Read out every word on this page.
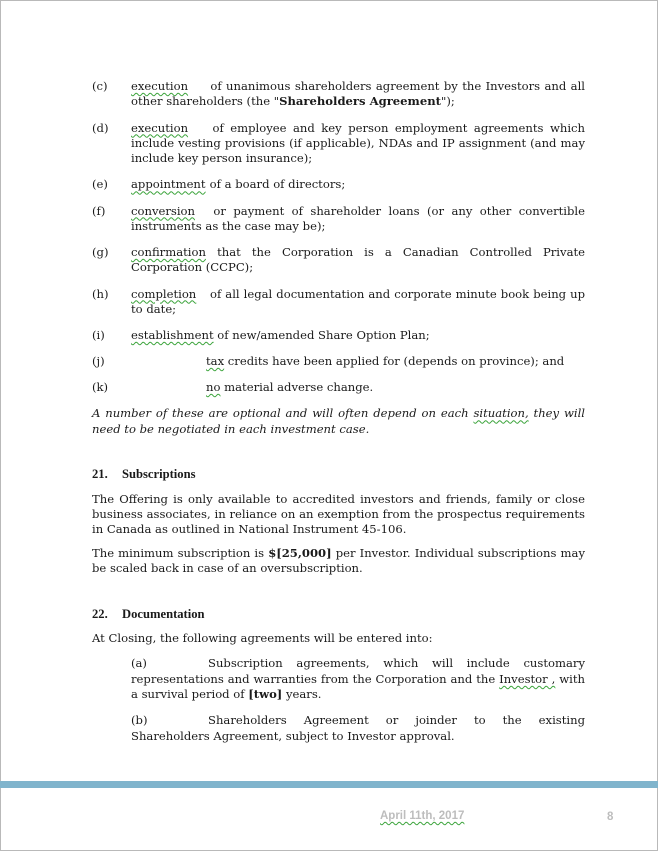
(c) execution of unanimous shareholders agreement by the Investors and all other shareholders (the "Shareholders Agreement");
(d) execution of employee and key person employment agreements which include vesting provisions (if applicable), NDAs and IP assignment (and may include key person insurance);
(e) appointment of a board of directors;
(f) conversion or payment of shareholder loans (or any other convertible instruments as the case may be);
(g) confirmation that the Corporation is a Canadian Controlled Private Corporation (CCPC);
(h) completion of all legal documentation and corporate minute book being up to date;
(i) establishment of new/amended Share Option Plan;
(j)	tax credits have been applied for (depends on province); and
(k)	no material adverse change.
A number of these are optional and will often depend on each situation, they will need to be negotiated in each investment case.
21. Subscriptions
The Offering is only available to accredited investors and friends, family or close business associates, in reliance on an exemption from the prospectus requirements in Canada as outlined in National Instrument 45-106.
The minimum subscription is $[25,000] per Investor. Individual subscriptions may be scaled back in case of an oversubscription.
22. Documentation
At Closing, the following agreements will be entered into:
(a)	Subscription agreements, which will include customary representations and warranties from the Corporation and the Investor , with a survival period of [two] years.
(b)	Shareholders Agreement or joinder to the existing Shareholders Agreement, subject to Investor approval.
April 11th, 2017	8
